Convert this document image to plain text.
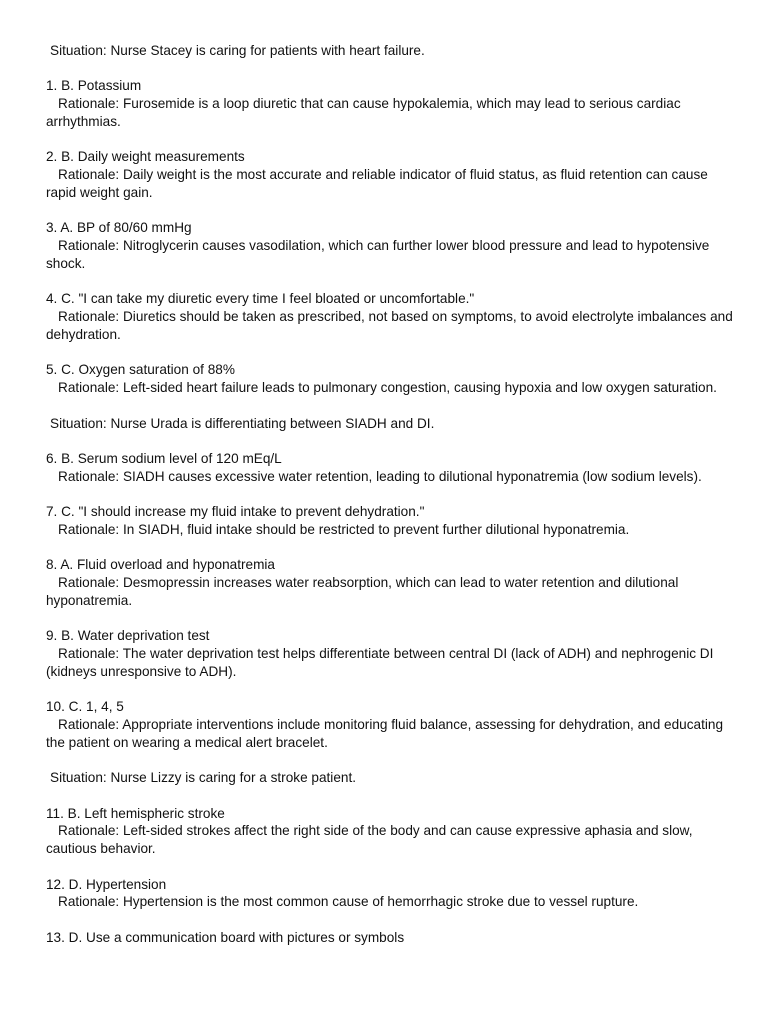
Situation: Nurse Stacey is caring for patients with heart failure.

1. B. Potassium

Rationale: Furosemide is a loop diuretic that can cause hypokalemia, which may lead to serious cardiac arrhythmias.

2. B. Daily weight measurements

Rationale: Daily weight is the most accurate and reliable indicator of fluid status, as fluid retention can cause rapid weight gain.

3. A. BP of 80/60 mmHg

Rationale: Nitroglycerin causes vasodilation, which can further lower blood pressure and lead to hypotensive shock.

4. C. "I can take my diuretic every time I feel bloated or uncomfortable."

Rationale: Diuretics should be taken as prescribed, not based on symptoms, to avoid electrolyte imbalances and dehydration.

5. C. Oxygen saturation of 88%

Rationale: Left-sided heart failure leads to pulmonary congestion, causing hypoxia and low oxygen saturation.

Situation: Nurse Urada is differentiating between SIADH and DI.

6. B. Serum sodium level of 120 mEq/L

Rationale: SIADH causes excessive water retention, leading to dilutional hyponatremia (low sodium levels).

7. C. "I should increase my fluid intake to prevent dehydration."

Rationale: In SIADH, fluid intake should be restricted to prevent further dilutional hyponatremia.

8. A. Fluid overload and hyponatremia

Rationale: Desmopressin increases water reabsorption, which can lead to water retention and dilutional hyponatremia.

9. B. Water deprivation test

Rationale: The water deprivation test helps differentiate between central DI (lack of ADH) and nephrogenic DI (kidneys unresponsive to ADH).

10. C. 1, 4, 5

Rationale: Appropriate interventions include monitoring fluid balance, assessing for dehydration, and educating the patient on wearing a medical alert bracelet.

Situation: Nurse Lizzy is caring for a stroke patient.

11. B. Left hemispheric stroke

Rationale: Left-sided strokes affect the right side of the body and can cause expressive aphasia and slow, cautious behavior.

12. D. Hypertension

Rationale: Hypertension is the most common cause of hemorrhagic stroke due to vessel rupture.

13. D. Use a communication board with pictures or symbols
